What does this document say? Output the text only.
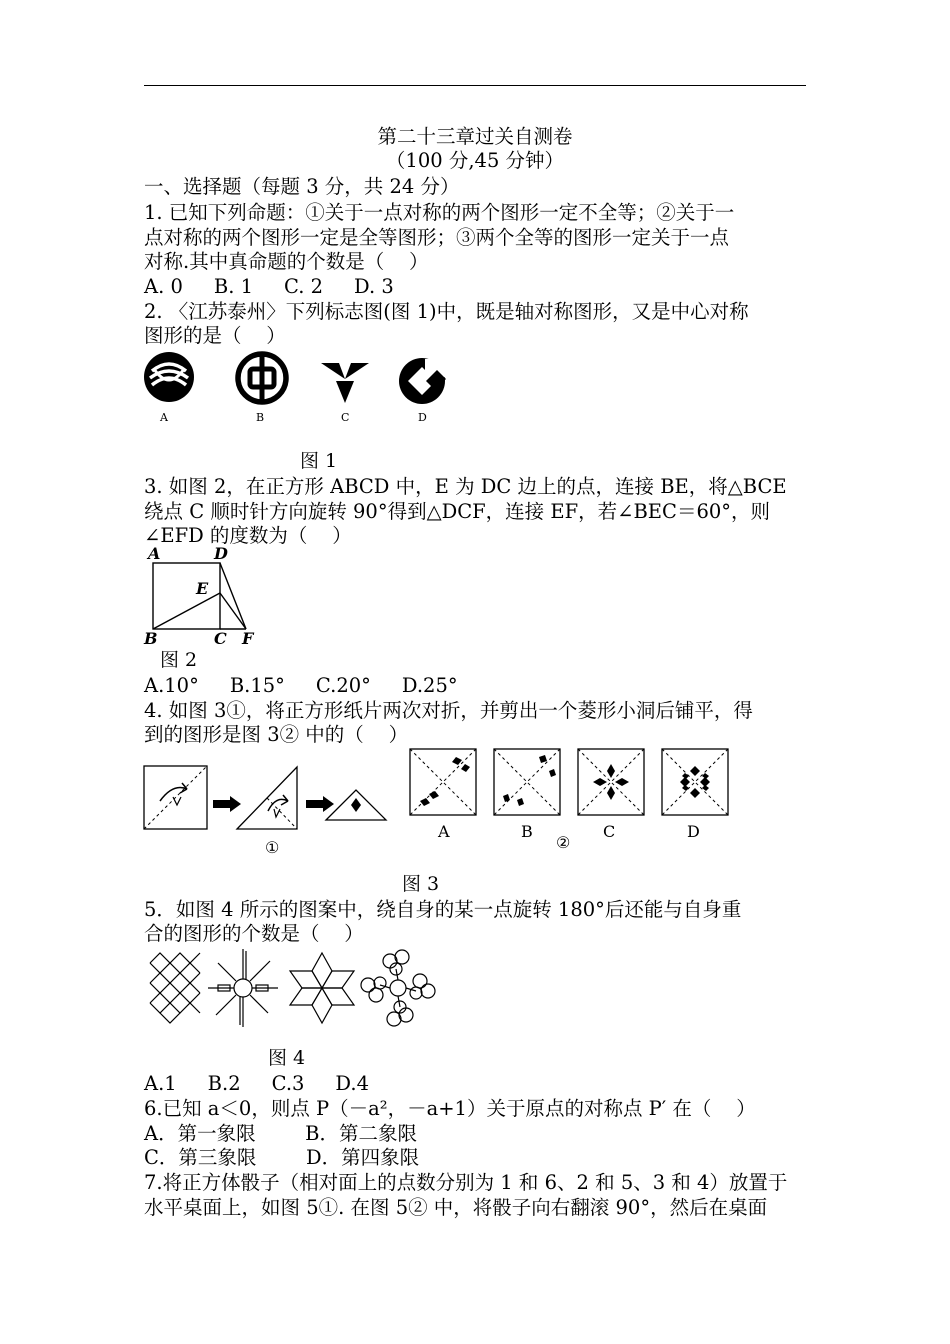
第二十三章过关自测卷
（100 分,45 分钟）
一、选择题（每题 3 分，共 24 分）
1. 已知下列命题：①关于一点对称的两个图形一定不全等；②关于一
点对称的两个图形一定是全等图形；③两个全等的图形一定关于一点
对称.其中真命题的个数是（    ）
A. 0     B. 1     C. 2     D. 3
2. 〈江苏泰州〉下列标志图(图 1)中，既是轴对称图形，又是中心对称
图形的是（    ）
A	B	C	D
图 1
3. 如图 2，在正方形 ABCD 中，E 为 DC 边上的点，连接 BE，将△BCE
绕点 C 顺时针方向旋转 90°得到△DCF，连接 EF，若∠BEC＝60°，则
∠EFD 的度数为（    ）
A	D
E
B	C F
图 2
A.10°     B.15°     C.20°     D.25°
4. 如图 3①，将正方形纸片两次对折，并剪出一个菱形小洞后铺平，得
到的图形是图 3② 中的（    ）
A	B
②
C	D
①
图 3
5．如图 4 所示的图案中，绕自身的某一点旋转 180°后还能与自身重
合的图形的个数是（    ）
图 4
A.1     B.2     C.3     D.4
6.已知 a＜0，则点 P（－a²，－a+1）关于原点的对称点 P′ 在（    ）
A．第一象限        B．第二象限
C．第三象限        D．第四象限
7.将正方体骰子（相对面上的点数分别为 1 和 6、2 和 5、3 和 4）放置于
水平桌面上，如图 5①. 在图 5② 中，将骰子向右翻滚 90°，然后在桌面
